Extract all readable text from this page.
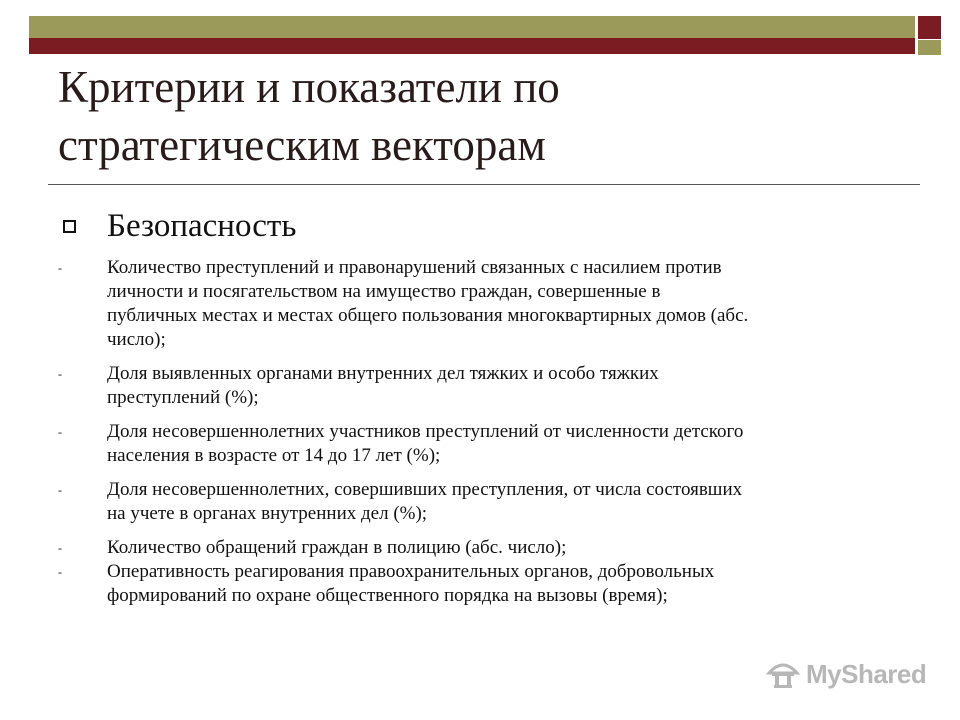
Критерии и показатели по
стратегическим векторам
Безопасность
- Количество преступлений и правонарушений связанных с насилием против
личности и посягательством на имущество граждан, совершенные в
публичных местах и местах общего пользования многоквартирных домов (абс.
число);
- Доля выявленных органами внутренних дел тяжких и особо тяжких
преступлений (%);
- Доля несовершеннолетних участников преступлений от численности детского
населения в возрасте от 14 до 17 лет (%);
- Доля несовершеннолетних, совершивших преступления, от числа состоявших
на учете в органах внутренних дел (%);
- Количество обращений граждан в полицию (абс. число);
- Оперативность реагирования правоохранительных органов, добровольных
формирований по охране общественного порядка на вызовы (время);
MyShared
